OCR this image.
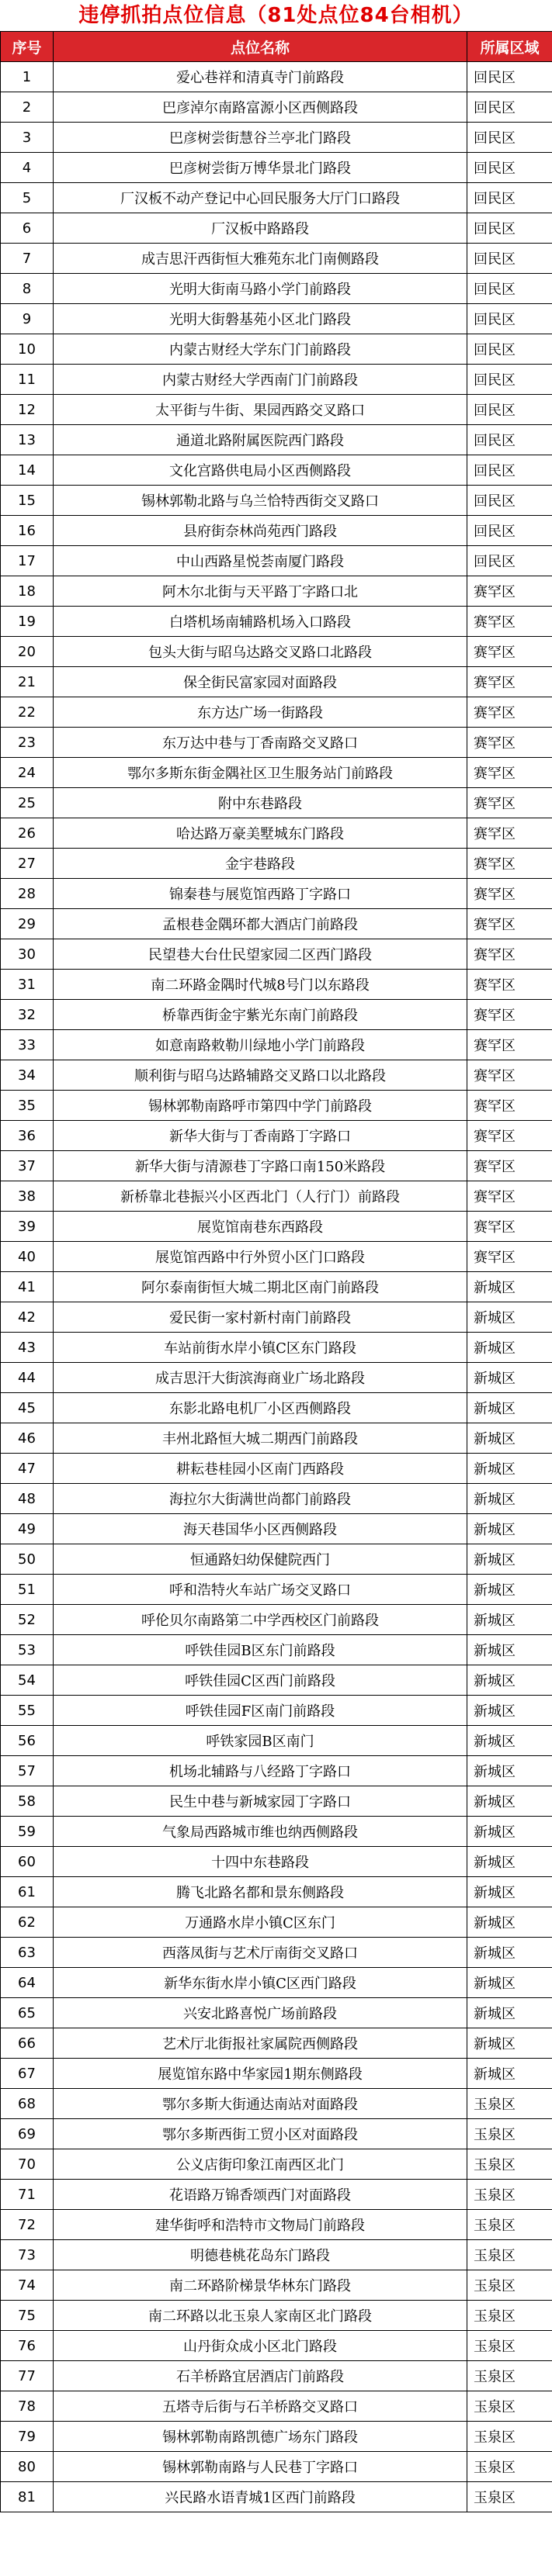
违停抓拍点位信息（81处点位84台相机）
序号	点位名称	所属区域
1	爱心巷祥和清真寺门前路段	回民区
2	巴彦淖尔南路富源小区西侧路段	回民区
3	巴彦树尝街慧谷兰亭北门路段	回民区
4	巴彦树尝街万博华景北门路段	回民区
5	厂汉板不动产登记中心回民服务大厅门口路段	回民区
6	厂汉板中路路段	回民区
7	成吉思汗西街恒大雅苑东北门南侧路段	回民区
8	光明大街南马路小学门前路段	回民区
9	光明大街磐基苑小区北门路段	回民区
10	内蒙古财经大学东门门前路段	回民区
11	内蒙古财经大学西南门门前路段	回民区
12	太平街与牛街、果园西路交叉路口	回民区
13	通道北路附属医院西门路段	回民区
14	文化宫路供电局小区西侧路段	回民区
15	锡林郭勒北路与乌兰恰特西街交叉路口	回民区
16	县府街奈林尚苑西门路段	回民区
17	中山西路星悦荟南厦门路段	回民区
18	阿木尔北街与天平路丁字路口北	赛罕区
19	白塔机场南辅路机场入口路段	赛罕区
20	包头大街与昭乌达路交叉路口北路段	赛罕区
21	保全街民富家园对面路段	赛罕区
22	东方达广场一街路段	赛罕区
23	东万达中巷与丁香南路交叉路口	赛罕区
24	鄂尔多斯东街金隅社区卫生服务站门前路段	赛罕区
25	附中东巷路段	赛罕区
26	哈达路万豪美墅城东门路段	赛罕区
27	金宇巷路段	赛罕区
28	锦秦巷与展览馆西路丁字路口	赛罕区
29	孟根巷金隅环都大酒店门前路段	赛罕区
30	民望巷大台仕民望家园二区西门路段	赛罕区
31	南二环路金隅时代城8号门以东路段	赛罕区
32	桥靠西街金宇紫光东南门前路段	赛罕区
33	如意南路敕勒川绿地小学门前路段	赛罕区
34	顺利街与昭乌达路辅路交叉路口以北路段	赛罕区
35	锡林郭勒南路呼市第四中学门前路段	赛罕区
36	新华大街与丁香南路丁字路口	赛罕区
37	新华大街与清源巷丁字路口南150米路段	赛罕区
38	新桥靠北巷振兴小区西北门（人行门）前路段	赛罕区
39	展览馆南巷东西路段	赛罕区
40	展览馆西路中行外贸小区门口路段	赛罕区
41	阿尔泰南街恒大城二期北区南门前路段	新城区
42	爱民街一家村新村南门前路段	新城区
43	车站前街水岸小镇C区东门路段	新城区
44	成吉思汗大街滨海商业广场北路段	新城区
45	东影北路电机厂小区西侧路段	新城区
46	丰州北路恒大城二期西门前路段	新城区
47	耕耘巷桂园小区南门西路段	新城区
48	海拉尔大街满世尚都门前路段	新城区
49	海天巷国华小区西侧路段	新城区
50	恒通路妇幼保健院西门	新城区
51	呼和浩特火车站广场交叉路口	新城区
52	呼伦贝尔南路第二中学西校区门前路段	新城区
53	呼铁佳园B区东门前路段	新城区
54	呼铁佳园C区西门前路段	新城区
55	呼铁佳园F区南门前路段	新城区
56	呼铁家园B区南门	新城区
57	机场北辅路与八经路丁字路口	新城区
58	民生中巷与新城家园丁字路口	新城区
59	气象局西路城市维也纳西侧路段	新城区
60	十四中东巷路段	新城区
61	腾飞北路名都和景东侧路段	新城区
62	万通路水岸小镇C区东门	新城区
63	西落凤街与艺术厅南街交叉路口	新城区
64	新华东街水岸小镇C区西门路段	新城区
65	兴安北路喜悦广场前路段	新城区
66	艺术厅北街报社家属院西侧路段	新城区
67	展览馆东路中华家园1期东侧路段	新城区
68	鄂尔多斯大街通达南站对面路段	玉泉区
69	鄂尔多斯西街工贸小区对面路段	玉泉区
70	公义店街印象江南西区北门	玉泉区
71	花语路万锦香颂西门对面路段	玉泉区
72	建华街呼和浩特市文物局门前路段	玉泉区
73	明德巷桃花岛东门路段	玉泉区
74	南二环路阶梯景华林东门路段	玉泉区
75	南二环路以北玉泉人家南区北门路段	玉泉区
76	山丹街众成小区北门路段	玉泉区
77	石羊桥路宜居酒店门前路段	玉泉区
78	五塔寺后街与石羊桥路交叉路口	玉泉区
79	锡林郭勒南路凯德广场东门路段	玉泉区
80	锡林郭勒南路与人民巷丁字路口	玉泉区
81	兴民路水语青城1区西门前路段	玉泉区
